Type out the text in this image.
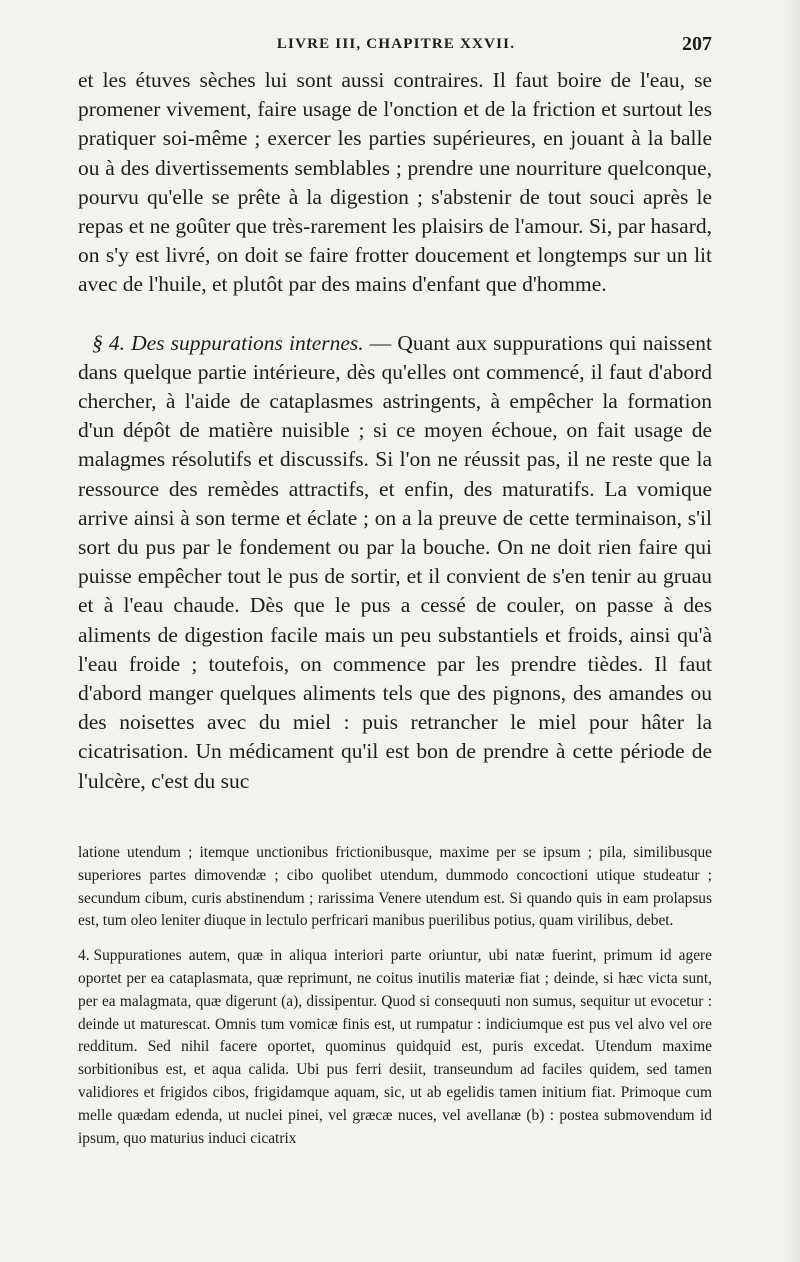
LIVRE III, CHAPITRE XXVII.	207

et les étuves sèches lui sont aussi contraires. Il faut boire de l'eau, se promener vivement, faire usage de l'onction et de la friction et surtout les pratiquer soi-même ; exercer les parties supérieures, en jouant à la balle ou à des divertissements semblables ; prendre une nourriture quelconque, pourvu qu'elle se prête à la digestion ; s'abstenir de tout souci après le repas et ne goûter que très-rarement les plaisirs de l'amour. Si, par hasard, on s'y est livré, on doit se faire frotter doucement et longtemps sur un lit avec de l'huile, et plutôt par des mains d'enfant que d'homme.

§ 4. Des suppurations internes. — Quant aux suppurations qui naissent dans quelque partie intérieure, dès qu'elles ont commencé, il faut d'abord chercher, à l'aide de cataplasmes astringents, à empêcher la formation d'un dépôt de matière nuisible ; si ce moyen échoue, on fait usage de malagmes résolutifs et discussifs. Si l'on ne réussit pas, il ne reste que la ressource des remèdes attractifs, et enfin, des maturatifs. La vomique arrive ainsi à son terme et éclate ; on a la preuve de cette terminaison, s'il sort du pus par le fondement ou par la bouche. On ne doit rien faire qui puisse empêcher tout le pus de sortir, et il convient de s'en tenir au gruau et à l'eau chaude. Dès que le pus a cessé de couler, on passe à des aliments de digestion facile mais un peu substantiels et froids, ainsi qu'à l'eau froide ; toutefois, on commence par les prendre tièdes. Il faut d'abord manger quelques aliments tels que des pignons, des amandes ou des noisettes avec du miel : puis retrancher le miel pour hâter la cicatrisation. Un médicament qu'il est bon de prendre à cette période de l'ulcère, c'est du suc

latione utendum ; itemque unctionibus frictionibusque, maxime per se ipsum ; pila, similibusque superiores partes dimovendæ ; cibo quolibet utendum, dummodo concoctioni utique studeatur ; secundum cibum, curis abstinendum ; rarissima Venere utendum est. Si quando quis in eam prolapsus est, tum oleo leniter diuque in lectulo perfricari manibus puerilibus potius, quam virilibus, debet.

4. Suppurationes autem, quæ in aliqua interiori parte oriuntur, ubi natæ fuerint, primum id agere oportet per ea cataplasmata, quæ reprimunt, ne coitus inutilis materiæ fiat ; deinde, si hæc victa sunt, per ea malagmata, quæ digerunt (a), dissipentur. Quod si consequuti non sumus, sequitur ut evocetur : deinde ut maturescat. Omnis tum vomicæ finis est, ut rumpatur : indiciumque est pus vel alvo vel ore redditum. Sed nihil facere oportet, quominus quidquid est, puris excedat. Utendum maxime sorbitionibus est, et aqua calida. Ubi pus ferri desiit, transeundum ad faciles quidem, sed tamen validiores et frigidos cibos, frigidamque aquam, sic, ut ab egelidis tamen initium fiat. Primoque cum melle quædam edenda, ut nuclei pinei, vel græcæ nuces, vel avellanæ (b) : postea submovendum id ipsum, quo maturius induci cicatrix
